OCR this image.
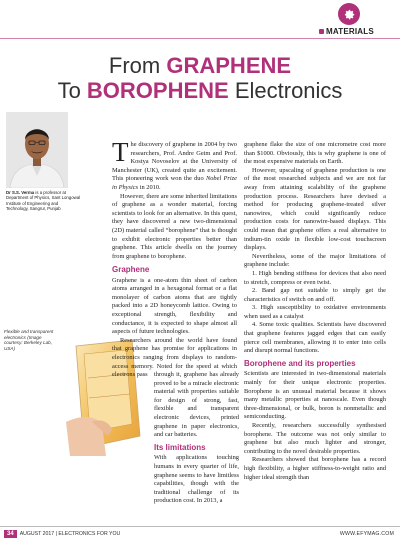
MATERIALS
From GRAPHENE
To BOROPHENE Electronics
Dr S.S. Verma is a professor at Department of Physics, Sant Longowal Institute of Engineering and Technology, Sangrur, Punjab
Flexible and transparent electronics (Image courtesy: Berkeley Lab, USA)

The discovery of graphene in 2004 by two researchers, Prof. Andre Geim and Prof. Kostya Novoselov at the University of Manchester (UK), created quite an excitement. This pioneering work won the duo Nobel Prize in Physics in 2010.

However, there are some inherited limitations of graphene as a wonder material, forcing scientists to look for an alternative. In this quest, they have discovered a new two-dimensional (2D) material called “borophene” that is thought to exhibit electronic properties better than graphene. This article dwells on the journey from graphene to borophene.

Graphene

Graphene is a one-atom thin sheet of carbon atoms arranged in a hexagonal format or a flat monolayer of carbon atoms that are tightly packed into a 2D honeycomb lattice. Owing to exceptional strength, flexibility and conductance, it is expected to shape almost all aspects of future technologies.

Researchers around the world have found that graphene has promise for applications in electronics ranging from displays to random-access memory. Noted for the speed at which electrons pass through it, graphene has already proved to be a miracle electronic material with properties suitable for design of strong, fast, flexible and transparent electronic devices, printed graphene in paper electronics, and car batteries.

Its limitations

With applications touching humans in every quarter of life, graphene seems to have limitless capabilities, though with the traditional challenge of its production cost. In 2013, a

graphene flake the size of one micrometre cost more than $1000. Obviously, this is why graphene is one of the most expensive materials on Earth.

However, upscaling of graphene production is one of the most researched subjects and we are not far away from attaining scalability of the graphene production process. Researchers have devised a method for producing graphene-treated silver nanowires, which could significantly reduce production costs for nanowire-based displays. This could mean that graphene offers a real alternative to indium-tin oxide in flexible low-cost touchscreen displays.

Nevertheless, some of the major limitations of graphene include:

1. High bending stiffness for devices that also need to stretch, compress or even twist.

2. Band gap not suitable to simply get the characteristics of switch on and off.

3. High susceptibility to oxidative environments when used as a catalyst

4. Some toxic qualities. Scientists have discovered that graphene features jagged edges that can easily pierce cell membranes, allowing it to enter into cells and disrupt normal functions.

Borophene and its properties

Scientists are interested in two-dimensional materials mainly for their unique electronic properties. Borophene is an unusual material because it shows many metallic properties at nanoscale. Even though three-dimensional, or bulk, boron is nonmetallic and semiconducting.

Recently, researchers successfully synthesised borophene. The outcome was not only similar to graphene but also much lighter and stronger, contributing to the novel desirable properties.

Researchers showed that borophene has a record high flexibility, a higher stiffness-to-weight ratio and higher ideal strength than

34	AUGUST 2017 | ELECTRONICS FOR YOU	WWW.EFYMAG.COM
